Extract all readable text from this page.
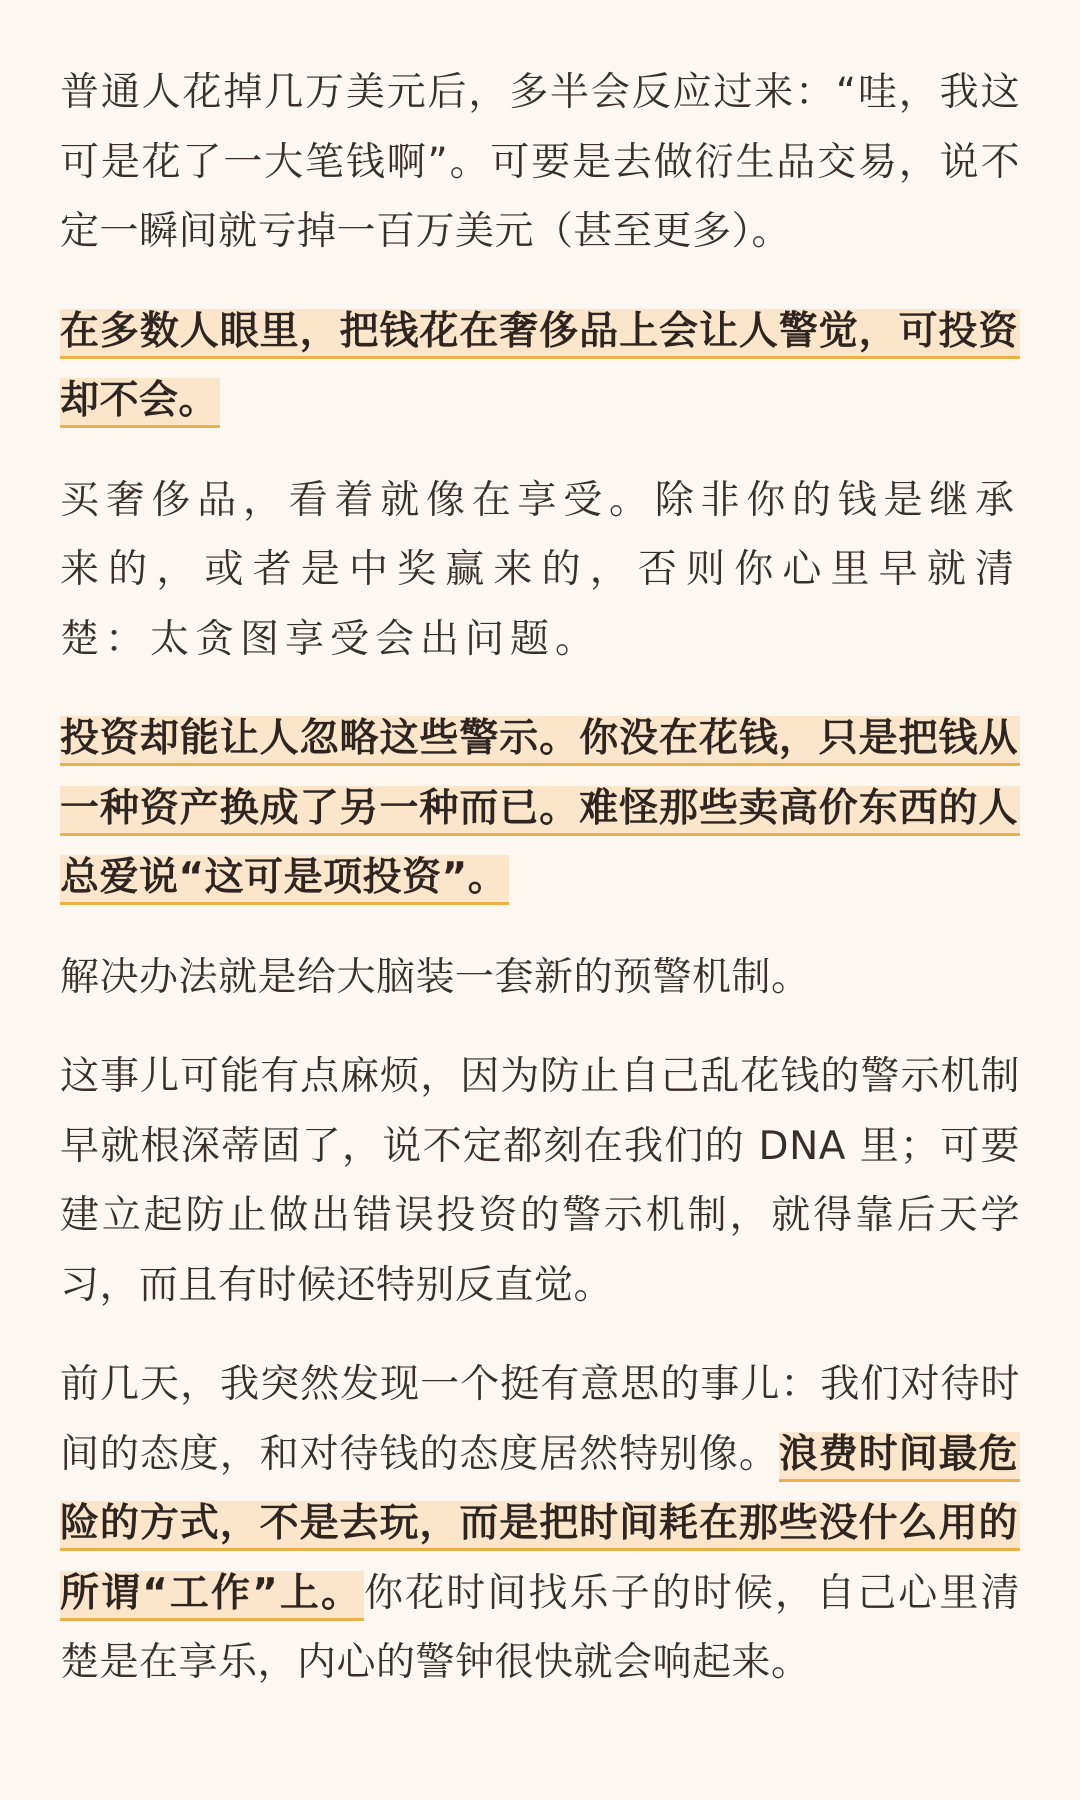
普通人花掉几万美元后，多半会反应过来：“哇，我这可是花了一大笔钱啊”。可要是去做衍生品交易，说不定一瞬间就亏掉一百万美元（甚至更多）。

在多数人眼里，把钱花在奢侈品上会让人警觉，可投资却不会。

买奢侈品，看着就像在享受。除非你的钱是继承来的，或者是中奖赢来的，否则你心里早就清楚：太贪图享受会出问题。

投资却能让人忽略这些警示。你没在花钱，只是把钱从一种资产换成了另一种而已。难怪那些卖高价东西的人总爱说“这可是项投资”。

解决办法就是给大脑装一套新的预警机制。

这事儿可能有点麻烦，因为防止自己乱花钱的警示机制早就根深蒂固了，说不定都刻在我们的 DNA 里；可要建立起防止做出错误投资的警示机制，就得靠后天学习，而且有时候还特别反直觉。

前几天，我突然发现一个挺有意思的事儿：我们对待时间的态度，和对待钱的态度居然特别像。浪费时间最危险的方式，不是去玩，而是把时间耗在那些没什么用的所谓“工作”上。你花时间找乐子的时候，自己心里清楚是在享乐，内心的警钟很快就会响起来。
